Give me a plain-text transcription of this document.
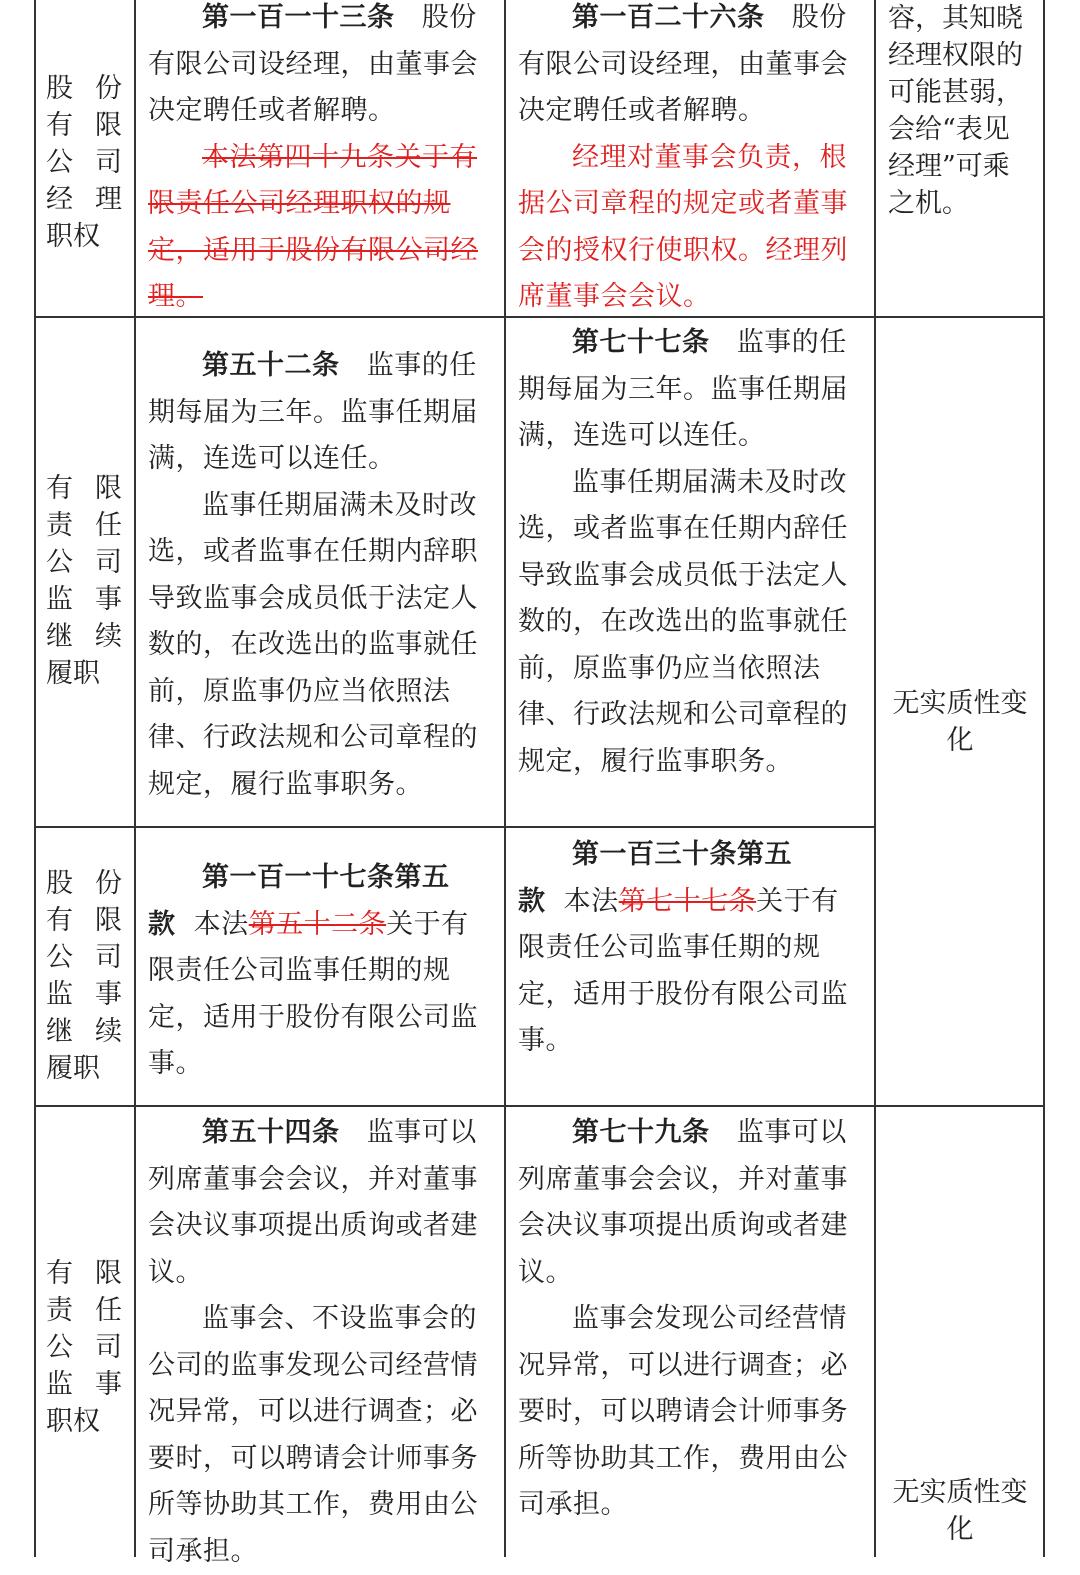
股 份
有 限
公 司
经 理
职权

第一百一十三条 股份有限公司设经理，由董事会决定聘任或者解聘。

本法第四十九条关于有限责任公司经理职权的规定，适用于股份有限公司经理。

第一百二十六条 股份有限公司设经理，由董事会决定聘任或者解聘。

经理对董事会负责，根据公司章程的规定或者董事会的授权行使职权。经理列席董事会会议。

容，其知晓
经理权限的
可能甚弱，
会给“表见
经理”可乘
之机。
有 限
责 任
公 司
监 事
继 续
履职

第五十二条 监事的任期每届为三年。监事任期届满，连选可以连任。

监事任期届满未及时改选，或者监事在任期内辞职导致监事会成员低于法定人数的，在改选出的监事就任前，原监事仍应当依照法律、行政法规和公司章程的规定，履行监事职务。

第七十七条 监事的任期每届为三年。监事任期届满，连选可以连任。

监事任期届满未及时改选，或者监事在任期内辞任导致监事会成员低于法定人数的，在改选出的监事就任前，原监事仍应当依照法律、行政法规和公司章程的规定，履行监事职务。

无实质性变化
股 份
有 限
公 司
监 事
继 续
履职

第一百一十七条第五款 本法第五十二条关于有限责任公司监事任期的规定，适用于股份有限公司监事。

第一百三十条第五款 本法第七十七条关于有限责任公司监事任期的规定，适用于股份有限公司监事。

有 限
责 任
公 司
监 事
职权

第五十四条 监事可以列席董事会会议，并对董事会决议事项提出质询或者建议。

监事会、不设监事会的公司的监事发现公司经营情况异常，可以进行调查；必要时，可以聘请会计师事务所等协助其工作，费用由公司承担。

第七十九条 监事可以列席董事会会议，并对董事会决议事项提出质询或者建议。

监事会发现公司经营情况异常，可以进行调查；必要时，可以聘请会计师事务所等协助其工作，费用由公司承担。	无实质性变化
